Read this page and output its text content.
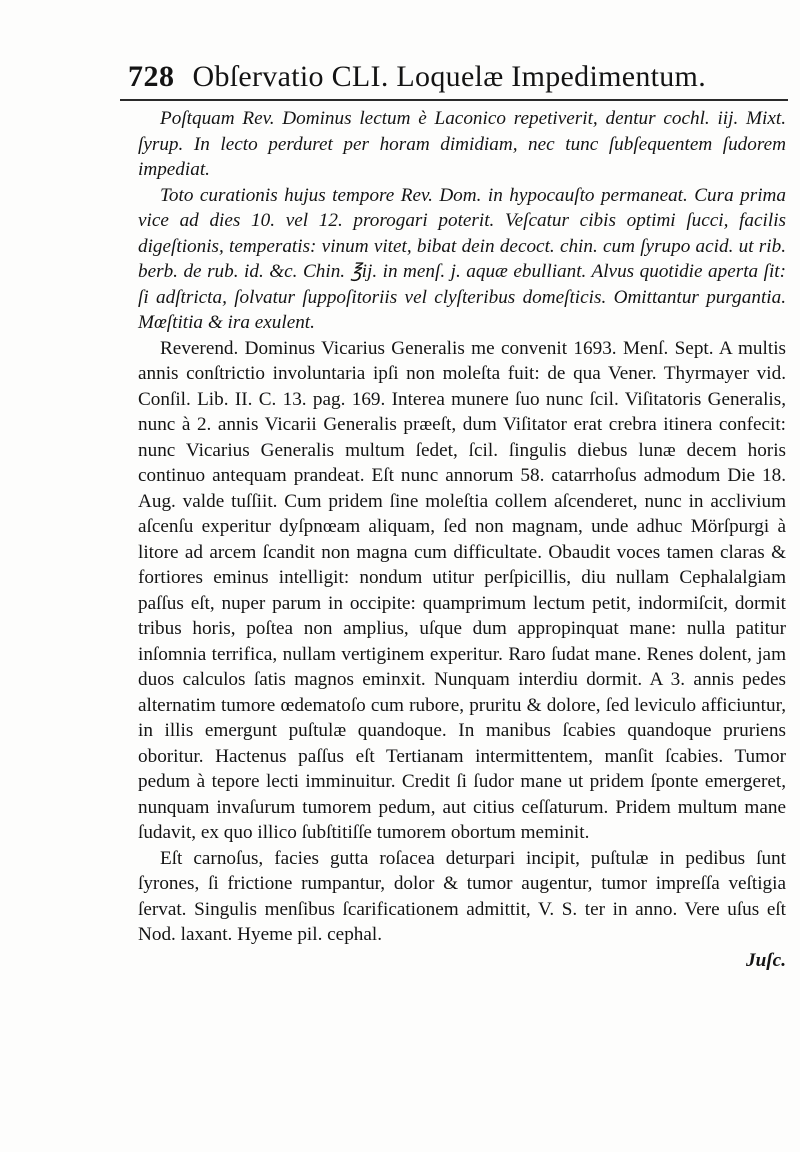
728 Obſervatio CLI. Loquelæ Impedimentum.

Poſtquam Rev. Dominus lectum è Laconico repetiverit, dentur cochl. iij. Mixt. ſyrup. In lecto perduret per horam dimidiam, nec tunc ſubſequentem ſudorem impediat.

Toto curationis hujus tempore Rev. Dom. in hypocauſto permaneat. Cura prima vice ad dies 10. vel 12. prorogari poterit. Veſcatur cibis optimi ſucci, facilis digeſtionis, temperatis: vinum vitet, bibat dein decoct. chin. cum ſyrupo acid. ut rib. berb. de rub. id. &c. Chin. ℥ij. in menſ. j. aquæ ebulliant. Alvus quotidie aperta ſit: ſi adſtricta, ſolvatur ſuppoſitoriis vel clyſteribus domeſticis. Omittantur purgantia. Mœſtitia & ira exulent.

Reverend. Dominus Vicarius Generalis me convenit 1693. Menſ. Sept. A multis annis conſtrictio involuntaria ipſi non moleſta fuit: de qua Vener. Thyrmayer vid. Conſil. Lib. II. C. 13. pag. 169. Interea munere ſuo nunc ſcil. Viſitatoris Generalis, nunc à 2. annis Vicarii Generalis præeſt, dum Viſitator erat crebra itinera confecit: nunc Vicarius Generalis multum ſedet, ſcil. ſingulis diebus lunæ decem horis continuo antequam prandeat. Eſt nunc annorum 58. catarrhoſus admodum Die 18. Aug. valde tuſſiit. Cum pridem ſine moleſtia collem aſcenderet, nunc in acclivium aſcenſu experitur dyſpnœam aliquam, ſed non magnam, unde adhuc Mörſpurgi à litore ad arcem ſcandit non magna cum difficultate. Obaudit voces tamen claras & fortiores eminus intelligit: nondum utitur perſpicillis, diu nullam Cephalalgiam paſſus eſt, nuper parum in occipite: quamprimum lectum petit, indormiſcit, dormit tribus horis, poſtea non amplius, uſque dum appropinquat mane: nulla patitur inſomnia terrifica, nullam vertiginem experitur. Raro ſudat mane. Renes dolent, jam duos calculos ſatis magnos eminxit. Nunquam interdiu dormit. A 3. annis pedes alternatim tumore œdematoſo cum rubore, pruritu & dolore, ſed leviculo afficiuntur, in illis emergunt puſtulæ quandoque. In manibus ſcabies quandoque pruriens oboritur. Hactenus paſſus eſt Tertianam intermittentem, manſit ſcabies. Tumor pedum à tepore lecti imminuitur. Credit ſi ſudor mane ut pridem ſponte emergeret, nunquam invaſurum tumorem pedum, aut citius ceſſaturum. Pridem multum mane ſudavit, ex quo illico ſubſtitiſſe tumorem obortum meminit.

Eſt carnoſus, facies gutta roſacea deturpari incipit, puſtulæ in pedibus ſunt ſyrones, ſi frictione rumpantur, dolor & tumor augentur, tumor impreſſa veſtigia ſervat. Singulis menſibus ſcarificationem admittit, V. S. ter in anno. Vere uſus eſt Nod. laxant. Hyeme pil. cephal.

Juſc.
